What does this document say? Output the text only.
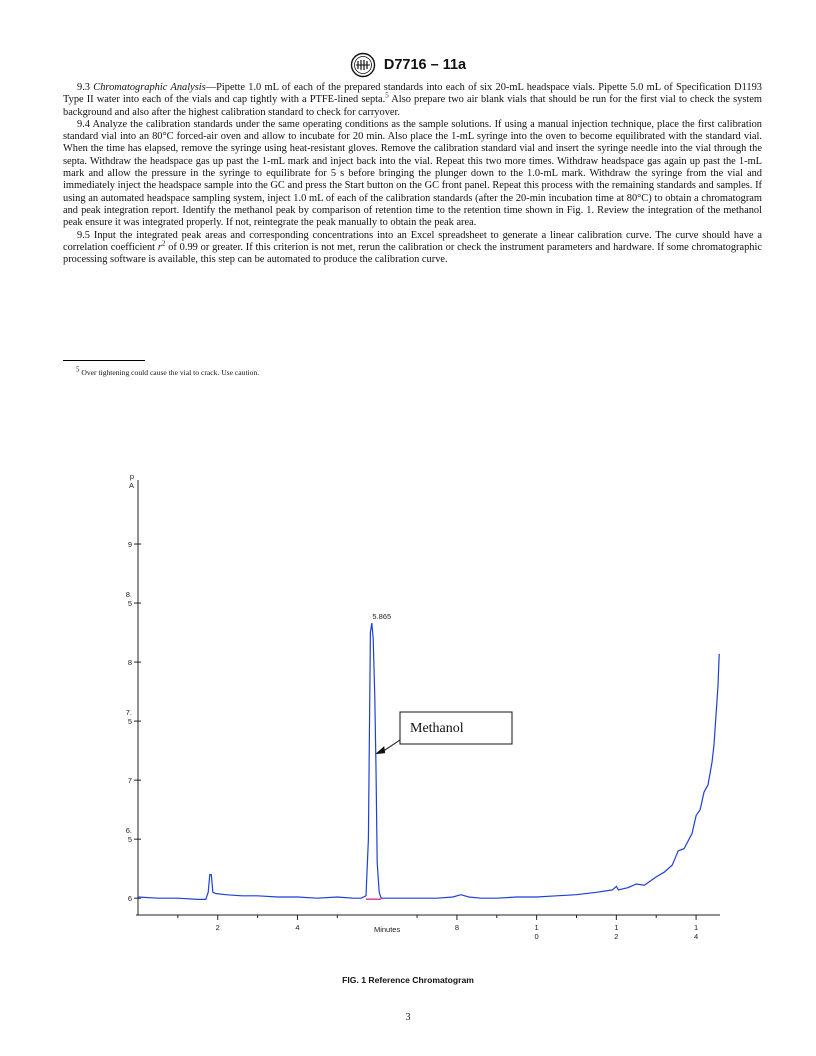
D7716 – 11a

9.3 Chromatographic Analysis—Pipette 1.0 mL of each of the prepared standards into each of six 20-mL headspace vials. Pipette 5.0 mL of Specification D1193 Type II water into each of the vials and cap tightly with a PTFE-lined septa.$^5$ Also prepare two air blank vials that should be run for the first vial to check the system background and also after the highest calibration standard to check for carryover.

9.4 Analyze the calibration standards under the same operating conditions as the sample solutions. If using a manual injection technique, place the first calibration standard vial into an 80°C forced-air oven and allow to incubate for 20 min. Also place the 1-mL syringe into the oven to become equilibrated with the standard vial. When the time has elapsed, remove the syringe using heat-resistant gloves. Remove the calibration standard vial and insert the syringe needle into the vial through the septa. Withdraw the headspace gas up past the 1-mL mark and inject back into the vial. Repeat this two more times. Withdraw headspace gas again up past the 1-mL mark and allow the pressure in the syringe to equilibrate for 5 s before bringing the plunger down to the 1.0-mL mark. Withdraw the syringe from the vial and immediately inject the headspace sample into the GC and press the Start button on the GC front panel. Repeat this process with the remaining standards and samples. If using an automated headspace sampling system, inject 1.0 mL of each of the calibration standards (after the 20-min incubation time at 80°C) to obtain a chromatogram and peak integration report. Identify the methanol peak by comparison of retention time to the retention time shown in Fig. 1. Review the integration of the methanol peak ensure it was integrated properly. If not, reintegrate the peak manually to obtain the peak area.

9.5 Input the integrated peak areas and corresponding concentrations into an Excel spreadsheet to generate a linear calibration curve. The curve should have a correlation coefficient $r^2$ of 0.99 or greater. If this criterion is not met, rerun the calibration or check the instrument parameters and hardware. If some chromatographic processing software is available, this step can be automated to produce the calibration curve.

5 Over tightening could cause the vial to crack. Use caution.
p
A
6
6.
5
7
7.
5
8
8.
5
9
2	4	8	1
0
1
2
1
4
Minutes
5.865
Methanol
FIG. 1 Reference Chromatogram
3
